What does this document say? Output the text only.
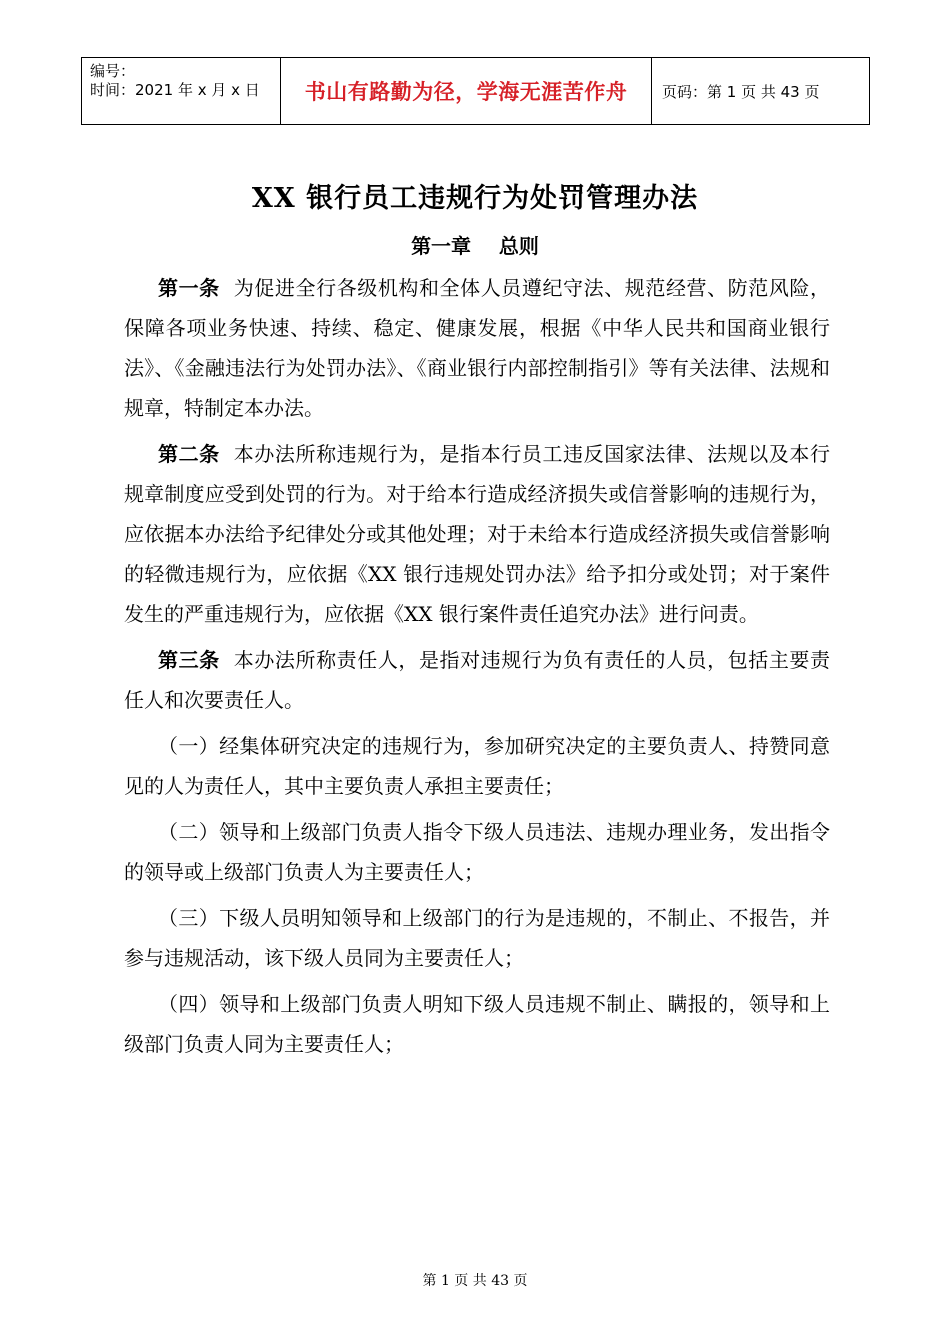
编号：
时间：2021 年 x 月 x 日	书山有路勤为径，学海无涯苦作舟	页码：第 1 页 共 43 页
XX 银行员工违规行为处罚管理办法
第一章 总则

第一条 为促进全行各级机构和全体人员遵纪守法、规范经营、防范风险，保障各项业务快速、持续、稳定、健康发展，根据《中华人民共和国商业银行法》、《金融违法行为处罚办法》、《商业银行内部控制指引》等有关法律、法规和规章，特制定本办法。

第二条 本办法所称违规行为，是指本行员工违反国家法律、法规以及本行规章制度应受到处罚的行为。对于给本行造成经济损失或信誉影响的违规行为，应依据本办法给予纪律处分或其他处理；对于未给本行造成经济损失或信誉影响的轻微违规行为，应依据《XX 银行违规处罚办法》给予扣分或处罚；对于案件发生的严重违规行为，应依据《XX 银行案件责任追究办法》进行问责。

第三条 本办法所称责任人，是指对违规行为负有责任的人员，包括主要责任人和次要责任人。

（一）经集体研究决定的违规行为，参加研究决定的主要负责人、持赞同意见的人为责任人，其中主要负责人承担主要责任；

（二）领导和上级部门负责人指令下级人员违法、违规办理业务，发出指令的领导或上级部门负责人为主要责任人；

（三）下级人员明知领导和上级部门的行为是违规的，不制止、不报告，并参与违规活动，该下级人员同为主要责任人；

（四）领导和上级部门负责人明知下级人员违规不制止、瞒报的，领导和上级部门负责人同为主要责任人；

第 1 页 共 43 页
